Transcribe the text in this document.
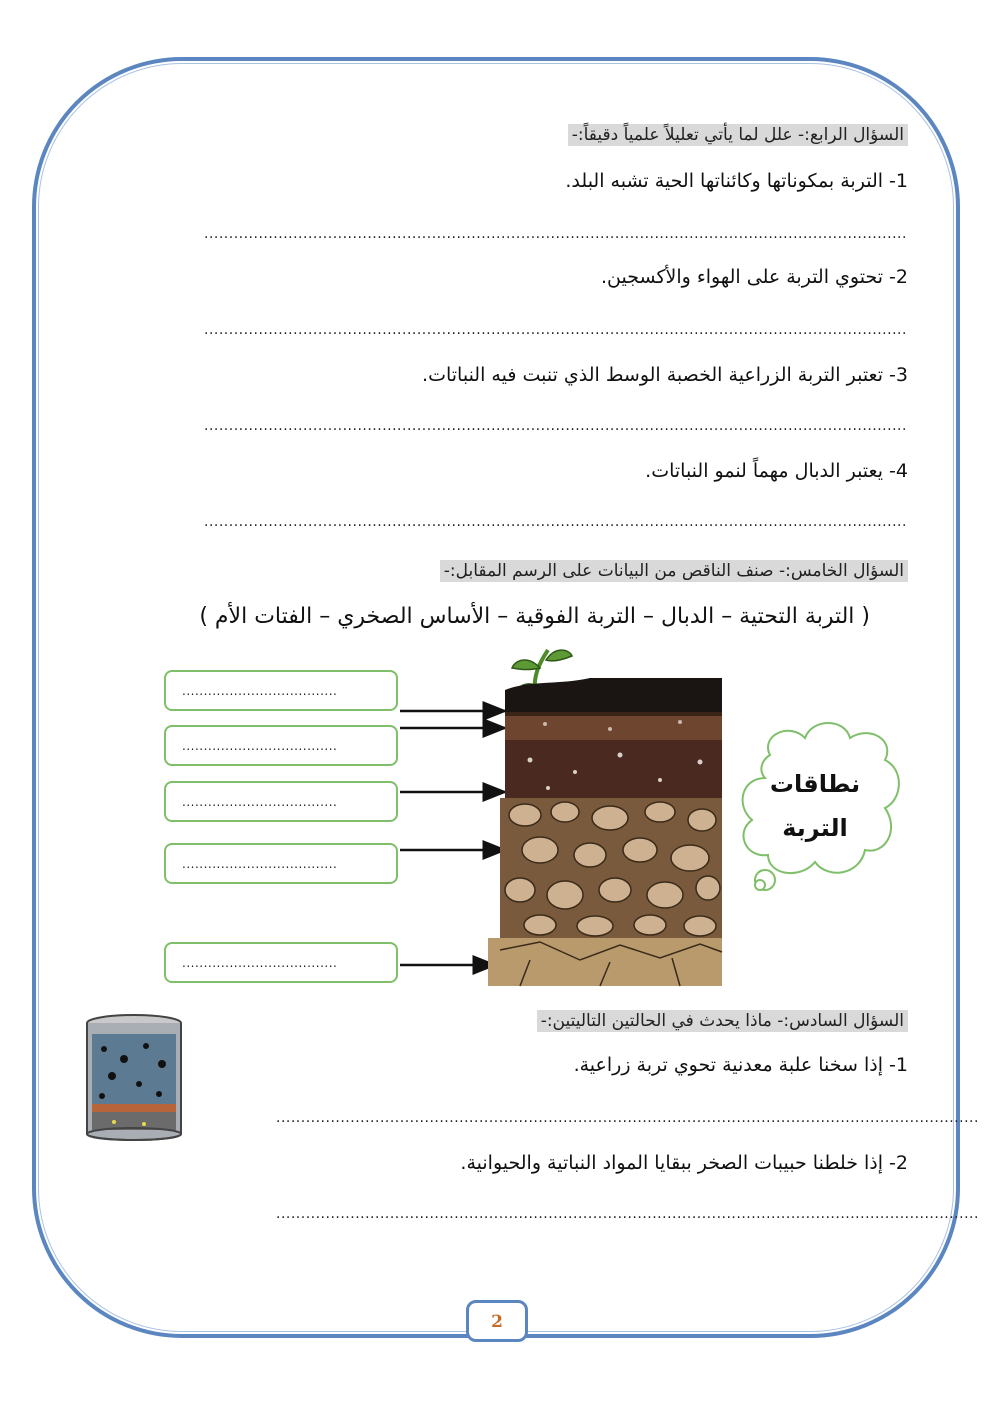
السؤال الرابع:- علل لما يأتي تعليلاً علمياً دقيقاً:-
1- التربة بمكوناتها وكائناتها الحية تشبه البلد.
..............................................................................................................................................
2- تحتوي التربة على الهواء والأكسجين.
..............................................................................................................................................
3- تعتبر التربة الزراعية الخصبة الوسط الذي تنبت فيه النباتات.
..............................................................................................................................................
4- يعتبر الدبال مهماً لنمو النباتات.
..............................................................................................................................................
السؤال الخامس:- صنف الناقص من البيانات على الرسم المقابل:-
( التربة التحتية – الدبال – التربة الفوقية – الأساس الصخري – الفتات الأم )
....................................
....................................
....................................
....................................
....................................
نطاقات
التربة
السؤال السادس:- ماذا يحدث في الحالتين التاليتين:-
1- إذا سخنا علبة معدنية تحوي تربة زراعية.
..............................................................................................................................................
2- إذا خلطنا حبيبات الصخر ببقايا المواد النباتية والحيوانية.
..............................................................................................................................................
2
